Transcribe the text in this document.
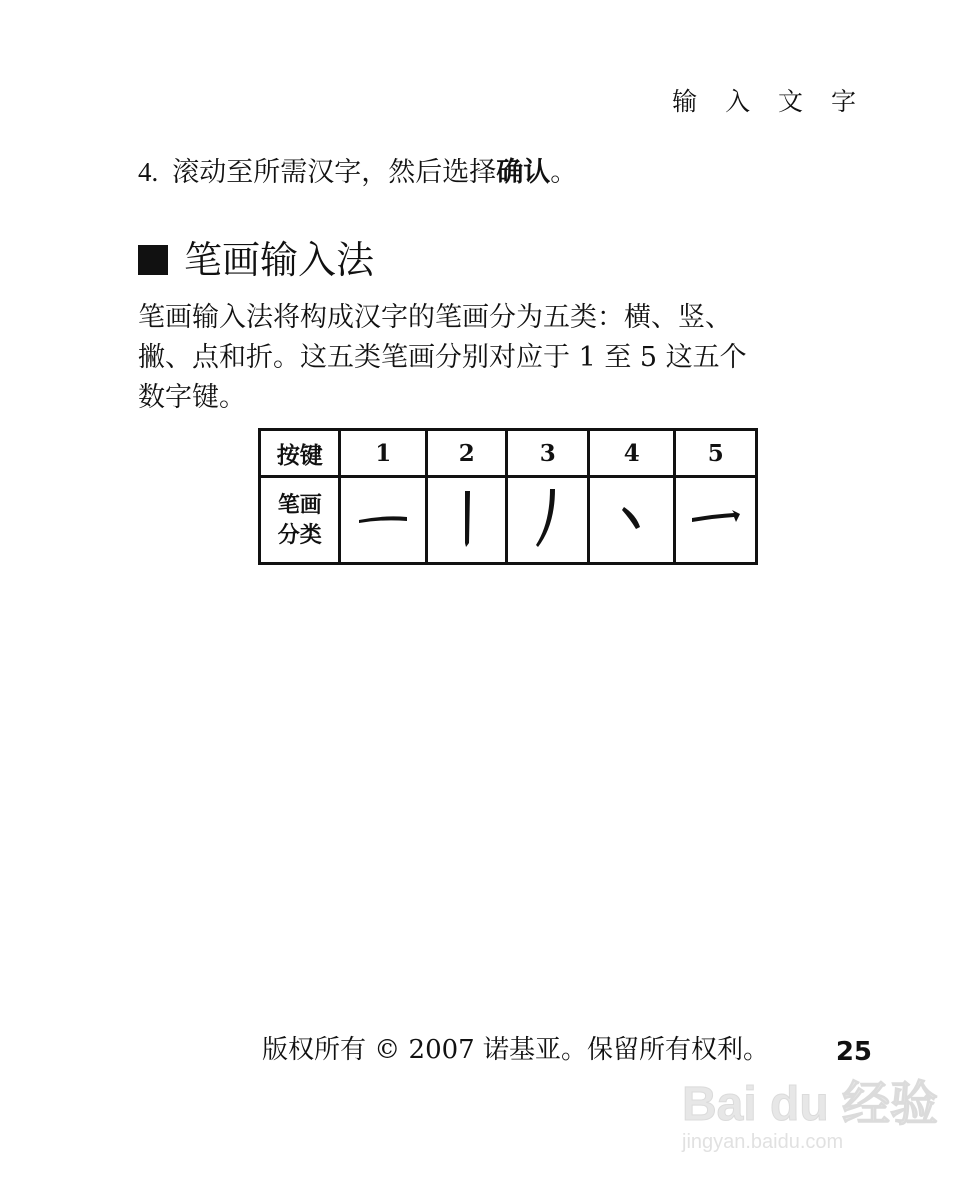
输 入 文 字
4. 滚动至所需汉字，然后选择确认。
笔画输入法
笔画输入法将构成汉字的笔画分为五类：横、竖、
撇、点和折。这五类笔画分别对应于 1 至 5 这五个
数字键。
按键	1	2	3	4	5

笔画
分类

版权所有 © 2007 诺基亚。保留所有权利。	25
Bai du 经验
jingyan.baidu.com
